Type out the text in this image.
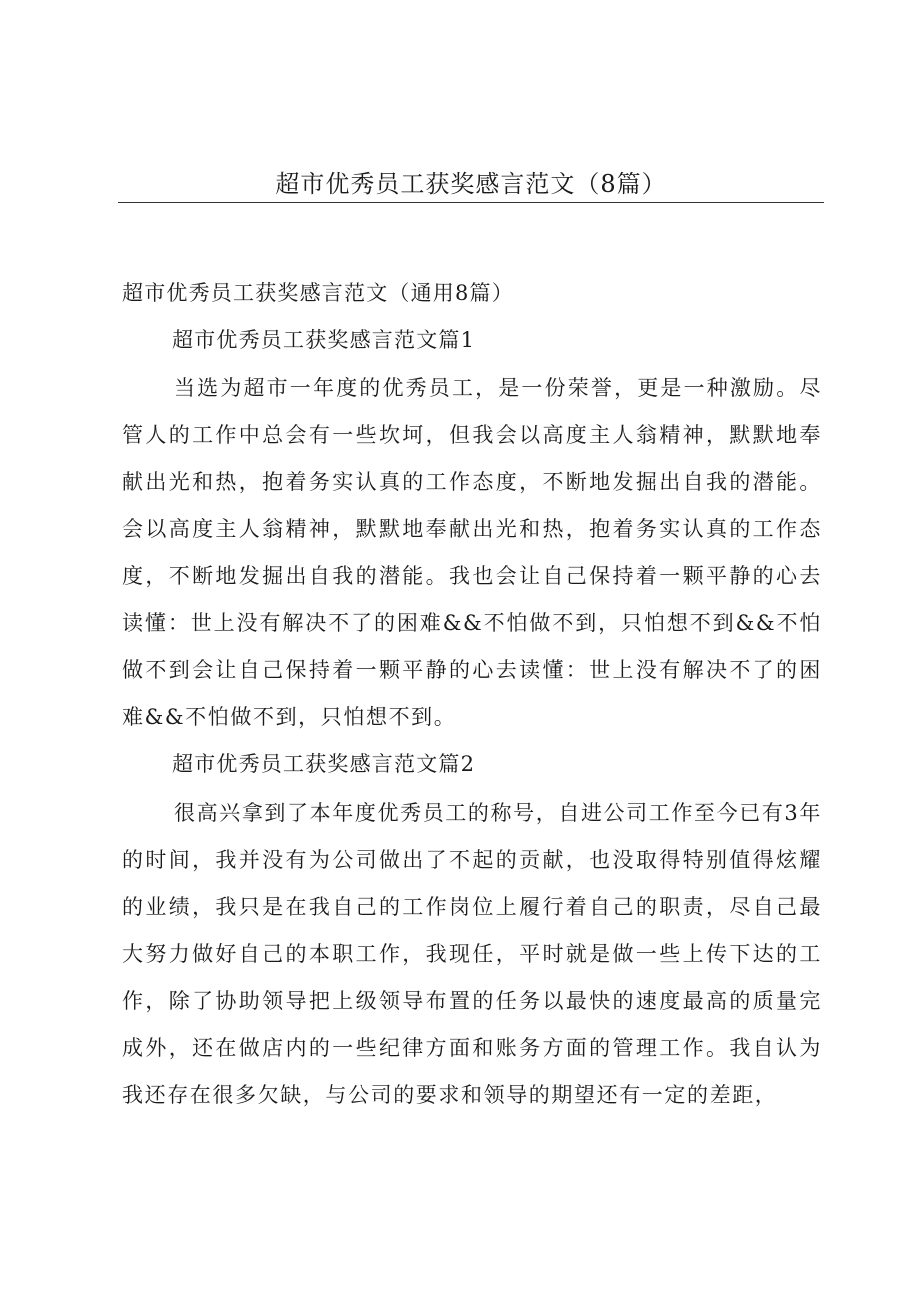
超市优秀员工获奖感言范文（8篇）

超市优秀员工获奖感言范文（通用8篇）

超市优秀员工获奖感言范文篇1

当选为超市一年度的优秀员工，是一份荣誉，更是一种激励。尽管人的工作中总会有一些坎坷，但我会以高度主人翁精神，默默地奉献出光和热，抱着务实认真的工作态度，不断地发掘出自我的潜能。会以高度主人翁精神，默默地奉献出光和热，抱着务实认真的工作态度，不断地发掘出自我的潜能。我也会让自己保持着一颗平静的心去读懂：世上没有解决不了的困难&&不怕做不到，只怕想不到&&不怕做不到会让自己保持着一颗平静的心去读懂：世上没有解决不了的困难&&不怕做不到，只怕想不到。

超市优秀员工获奖感言范文篇2

很高兴拿到了本年度优秀员工的称号，自进公司工作至今已有3年的时间，我并没有为公司做出了不起的贡献，也没取得特别值得炫耀的业绩，我只是在我自己的工作岗位上履行着自己的职责，尽自己最大努力做好自己的本职工作，我现任，平时就是做一些上传下达的工作，除了协助领导把上级领导布置的任务以最快的速度最高的质量完成外，还在做店内的一些纪律方面和账务方面的管理工作。我自认为我还存在很多欠缺，与公司的要求和领导的期望还有一定的差距，
